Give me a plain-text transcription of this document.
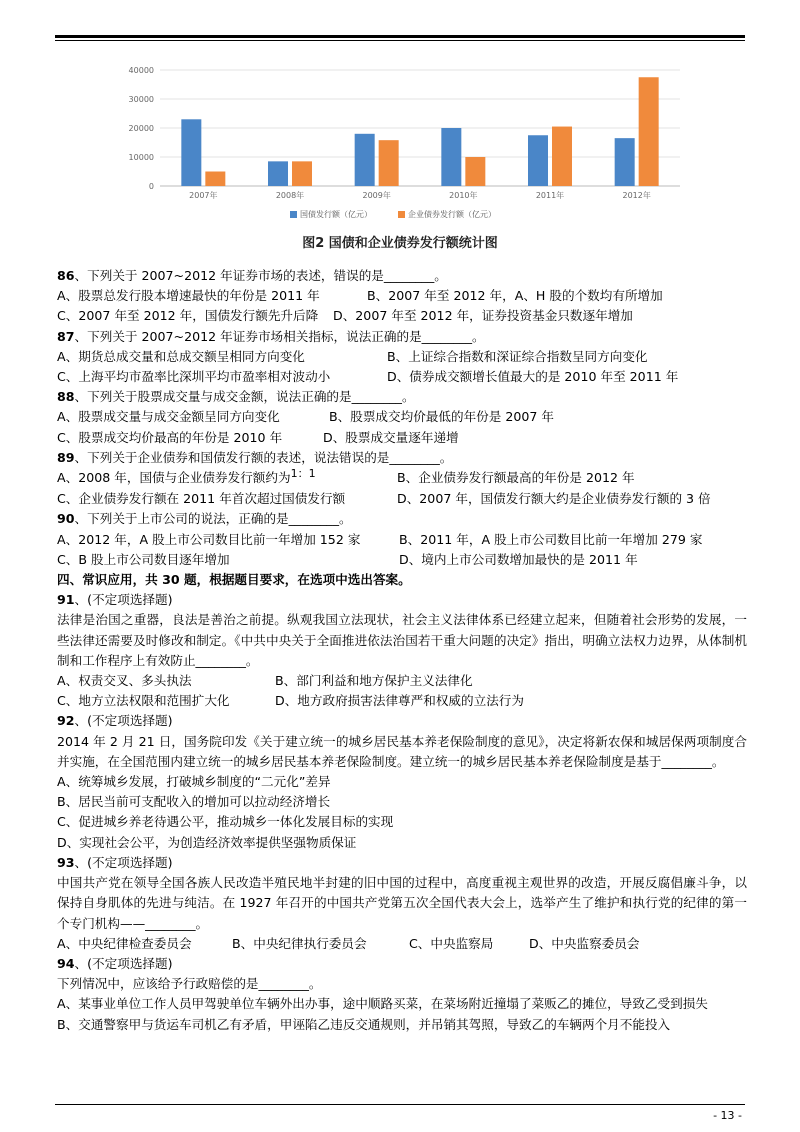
0
10000
20000
30000
40000
2007年	2008年	2009年	2010年	2011年	2012年
国债发行额（亿元）	企业债券发行额（亿元）
图2 国债和企业债券发行额统计图
86、下列关于 2007~2012 年证券市场的表述，错误的是________。
A、股票总发行股本增速最快的年份是 2011 年	B、2007 年至 2012 年，A、H 股的个数均有所增加
C、2007 年至 2012 年，国债发行额先升后降 D、2007 年至 2012 年，证券投资基金只数逐年增加
87、下列关于 2007~2012 年证券市场相关指标，说法正确的是________。
A、期货总成交量和总成交额呈相同方向变化	B、上证综合指数和深证综合指数呈同方向变化
C、上海平均市盈率比深圳平均市盈率相对波动小	D、债券成交额增长值最大的是 2010 年至 2011 年
88、下列关于股票成交量与成交金额，说法正确的是________。
A、股票成交量与成交金额呈同方向变化	B、股票成交均价最低的年份是 2007 年
C、股票成交均价最高的年份是 2010 年	D、股票成交量逐年递增
89、下列关于企业债券和国债发行额的表述，说法错误的是________。
A、2008 年，国债与企业债券发行额约为1：1	B、企业债券发行额最高的年份是 2012 年
C、企业债券发行额在 2011 年首次超过国债发行额	D、2007 年，国债发行额大约是企业债券发行额的 3 倍
90、下列关于上市公司的说法，正确的是________。
A、2012 年，A 股上市公司数目比前一年增加 152 家	B、2011 年，A 股上市公司数目比前一年增加 279 家
C、B 股上市公司数目逐年增加	D、境内上市公司数增加最快的是 2011 年
四、常识应用，共 30 题，根据题目要求，在选项中选出答案。
91、(不定项选择题)
法律是治国之重器，良法是善治之前提。纵观我国立法现状，社会主义法律体系已经建立起来，但随着社会形势的发展，一些法律还需要及时修改和制定。《中共中央关于全面推进依法治国若干重大问题的决定》指出，明确立法权力边界，从体制机制和工作程序上有效防止________。
A、权责交叉、多头执法	B、部门利益和地方保护主义法律化
C、地方立法权限和范围扩大化	D、地方政府损害法律尊严和权威的立法行为
92、(不定项选择题)
2014 年 2 月 21 日，国务院印发《关于建立统一的城乡居民基本养老保险制度的意见》，决定将新农保和城居保两项制度合并实施，在全国范围内建立统一的城乡居民基本养老保险制度。建立统一的城乡居民基本养老保险制度是基于________。
A、统筹城乡发展，打破城乡制度的“二元化”差异
B、居民当前可支配收入的增加可以拉动经济增长
C、促进城乡养老待遇公平，推动城乡一体化发展目标的实现
D、实现社会公平，为创造经济效率提供坚强物质保证
93、(不定项选择题)
中国共产党在领导全国各族人民改造半殖民地半封建的旧中国的过程中，高度重视主观世界的改造，开展反腐倡廉斗争，以保持自身肌体的先进与纯洁。在 1927 年召开的中国共产党第五次全国代表大会上，选举产生了维护和执行党的纪律的第一个专门机构——________。
A、中央纪律检查委员会	B、中央纪律执行委员会	C、中央监察局	D、中央监察委员会
94、(不定项选择题)
下列情况中，应该给予行政赔偿的是________。
A、某事业单位工作人员甲驾驶单位车辆外出办事，途中顺路买菜，在菜场附近撞塌了菜贩乙的摊位，导致乙受到损失
B、交通警察甲与货运车司机乙有矛盾，甲诬陷乙违反交通规则，并吊销其驾照，导致乙的车辆两个月不能投入
- 13 -
